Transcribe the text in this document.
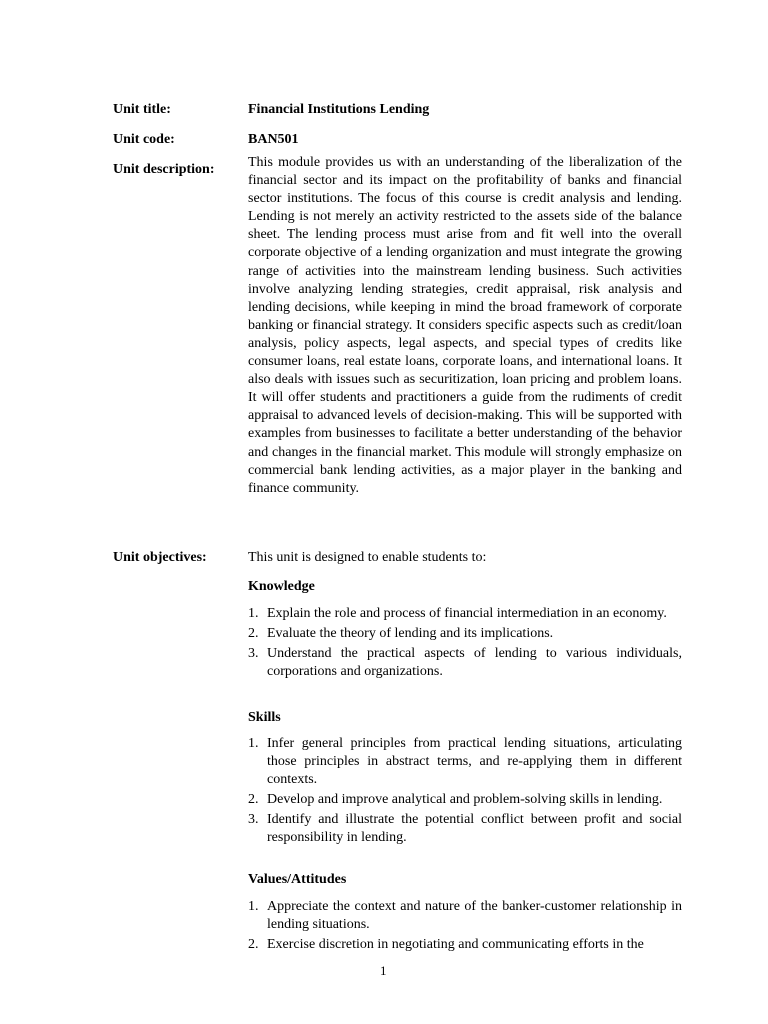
Unit title:	Financial Institutions Lending
Unit code:	BAN501
Unit description: This module provides us with an understanding of the liberalization of the financial sector and its impact on the profitability of banks and financial sector institutions. The focus of this course is credit analysis and lending. Lending is not merely an activity restricted to the assets side of the balance sheet. The lending process must arise from and fit well into the overall corporate objective of a lending organization and must integrate the growing range of activities into the mainstream lending business. Such activities involve analyzing lending strategies, credit appraisal, risk analysis and lending decisions, while keeping in mind the broad framework of corporate banking or financial strategy. It considers specific aspects such as credit/loan analysis, policy aspects, legal aspects, and special types of credits like consumer loans, real estate loans, corporate loans, and international loans. It also deals with issues such as securitization, loan pricing and problem loans. It will offer students and practitioners a guide from the rudiments of credit appraisal to advanced levels of decision-making. This will be supported with examples from businesses to facilitate a better understanding of the behavior and changes in the financial market. This module will strongly emphasize on commercial bank lending activities, as a major player in the banking and finance community.
Unit objectives:	This unit is designed to enable students to:
Knowledge
1. Explain the role and process of financial intermediation in an economy.
2. Evaluate the theory of lending and its implications.
3. Understand the practical aspects of lending to various individuals, corporations and organizations.
Skills
1. Infer general principles from practical lending situations, articulating those principles in abstract terms, and re-applying them in different contexts.
2. Develop and improve analytical and problem-solving skills in lending.
3. Identify and illustrate the potential conflict between profit and social responsibility in lending.
Values/Attitudes
1. Appreciate the context and nature of the banker-customer relationship in lending situations.
2. Exercise discretion in negotiating and communicating efforts in the
1
